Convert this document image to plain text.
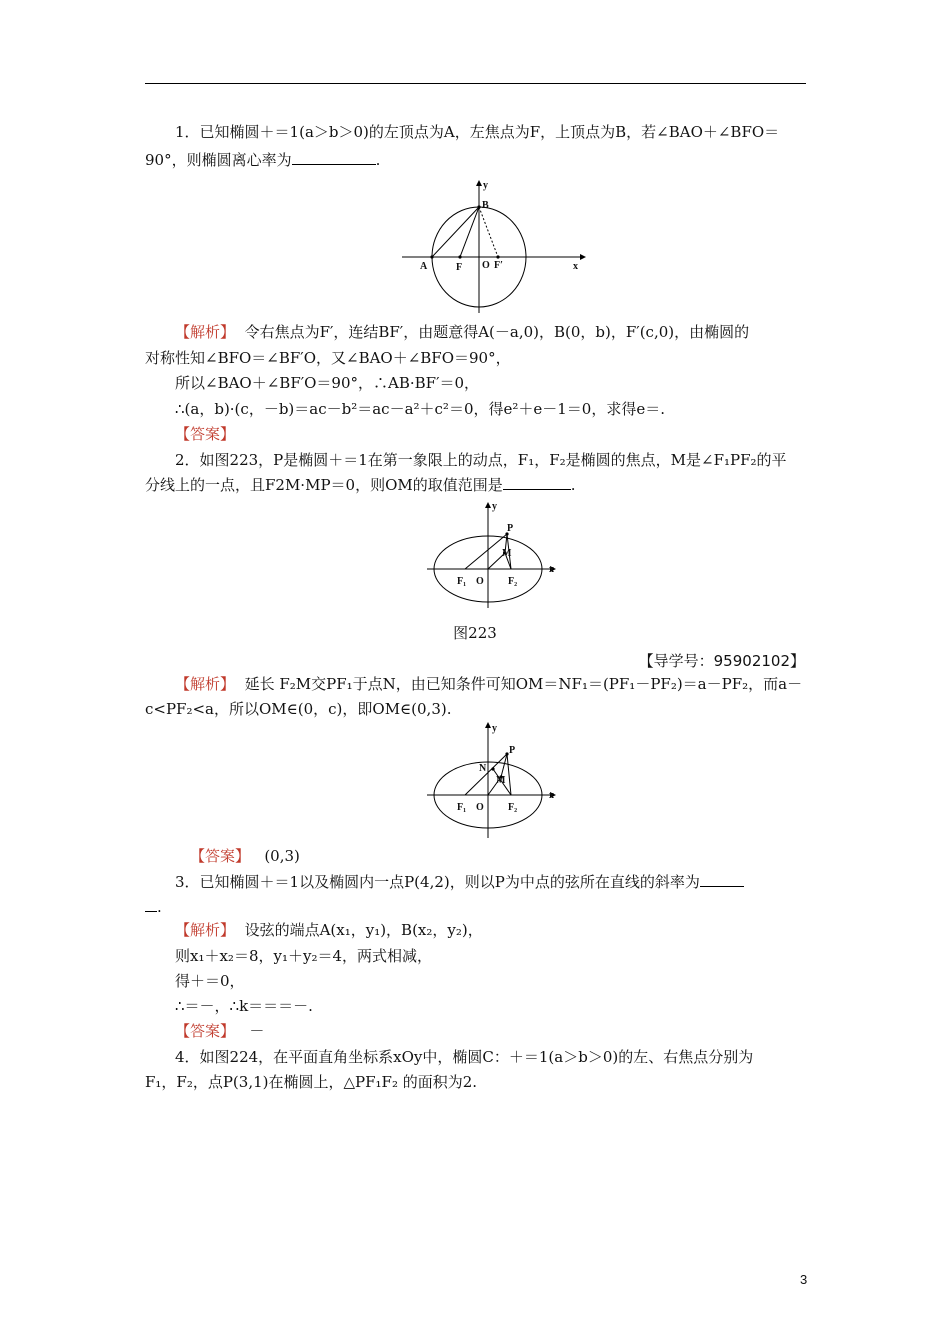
1．已知椭圆＋＝1(a＞b＞0)的左顶点为A，左焦点为F，上顶点为B，若∠BAO＋∠BFO＝
90°，则椭圆离心率为	.
y
x
B
A	F O F′
【解析】 令右焦点为F′，连结BF′，由题意得A(－a,0)，B(0，b)，F′(c,0)，由椭圆的
对称性知∠BFO＝∠BF′O，又∠BAO＋∠BFO＝90°，
所以∠BAO＋∠BF′O＝90°，∴AB·BF′＝0，
∴(a，b)·(c，－b)＝ac－b²＝ac－a²＋c²＝0，得e²＋e－1＝0，求得e＝.
【答案】
2．如图223，P是椭圆＋＝1在第一象限上的动点，F₁，F₂是椭圆的焦点，M是∠F₁PF₂的平
分线上的一点，且F2M·MP＝0，则OM的取值范围是	.
y
x
P
M
F₁ O F₂
图223
【导学号：95902102】
【解析】 延长 F₂M交PF₁于点N，由已知条件可知OM＝NF₁＝(PF₁－PF₂)＝a－PF₂，而a－
c<PF₂<a，所以OM∈(0，c)，即OM∈(0,3).
y
x
P
N
M
F₁ O F₂
【答案】 (0,3)
3．已知椭圆＋＝1以及椭圆内一点P(4,2)，则以P为中点的弦所在直线的斜率为
.
【解析】 设弦的端点A(x₁，y₁)，B(x₂，y₂)，
则x₁＋x₂＝8，y₁＋y₂＝4，两式相减，
得＋＝0，
∴＝－，∴k＝＝＝－.
【答案】 －
4．如图224，在平面直角坐标系xOy中，椭圆C：＋＝1(a＞b＞0)的左、右焦点分别为
F₁，F₂，点P(3,1)在椭圆上，△PF₁F₂ 的面积为2.
3
